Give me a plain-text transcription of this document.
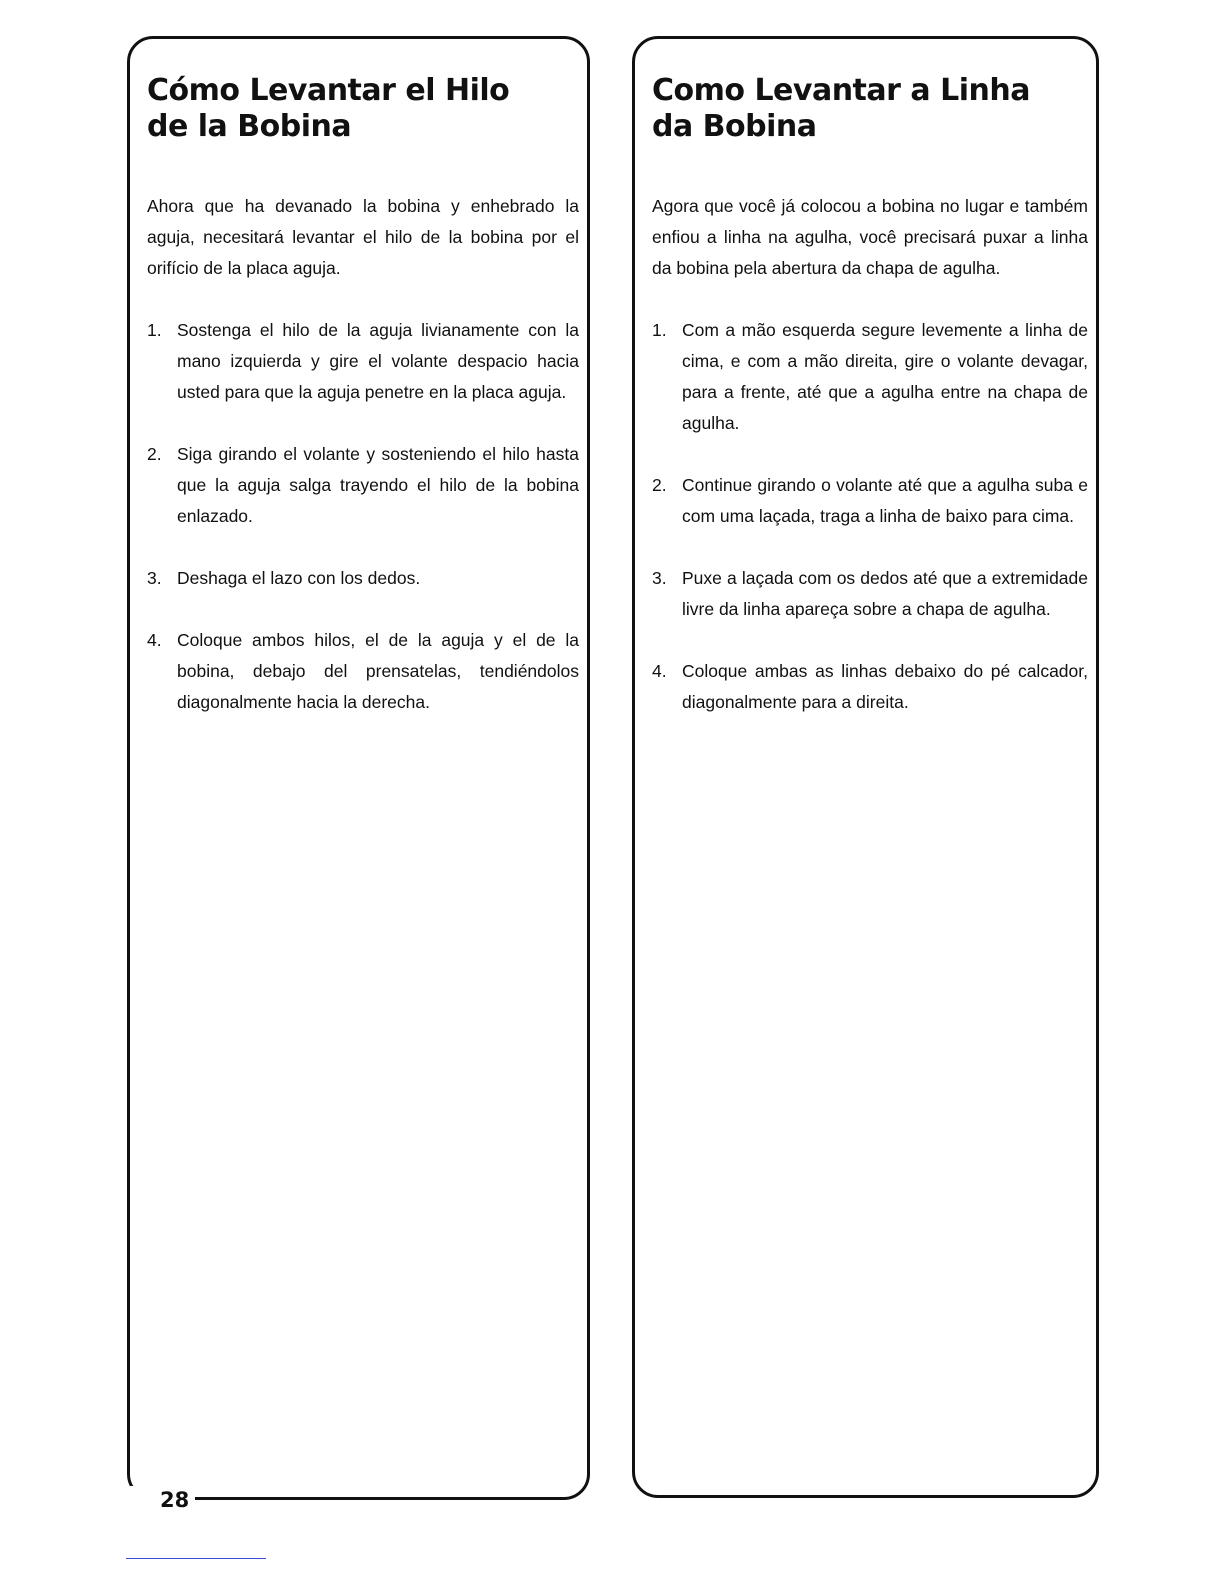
Cómo Levantar el Hilo
de la Bobina

Ahora que ha devanado la bobina y enhebrado la aguja, necesitará levantar el hilo de la bobina por el orifício de la placa aguja.

1. Sostenga el hilo de la aguja livianamente con la mano izquierda y gire el volante despacio hacia usted para que la aguja penetre en la placa aguja.
2. Siga girando el volante y sosteniendo el hilo hasta que la aguja salga trayendo el hilo de la bobina enlazado.
3. Deshaga el lazo con los dedos.
4. Coloque ambos hilos, el de la aguja y el de la bobina, debajo del prensatelas, tendiéndolos diagonalmente hacia la derecha.
Como Levantar a Linha
da Bobina

Agora que você já colocou a bobina no lugar e também enfiou a linha na agulha, você precisará puxar a linha da bobina pela abertura da chapa de agulha.

1. Com a mão esquerda segure levemente a linha de cima, e com a mão direita, gire o volante devagar, para a frente, até que a agulha entre na chapa de agulha.
2. Continue girando o volante até que a agulha suba e com uma laçada, traga a linha de baixo para cima.
3. Puxe a laçada com os dedos até que a extremidade livre da linha apareça sobre a chapa de agulha.
4. Coloque ambas as linhas debaixo do pé calcador, diagonalmente para a direita.
28
